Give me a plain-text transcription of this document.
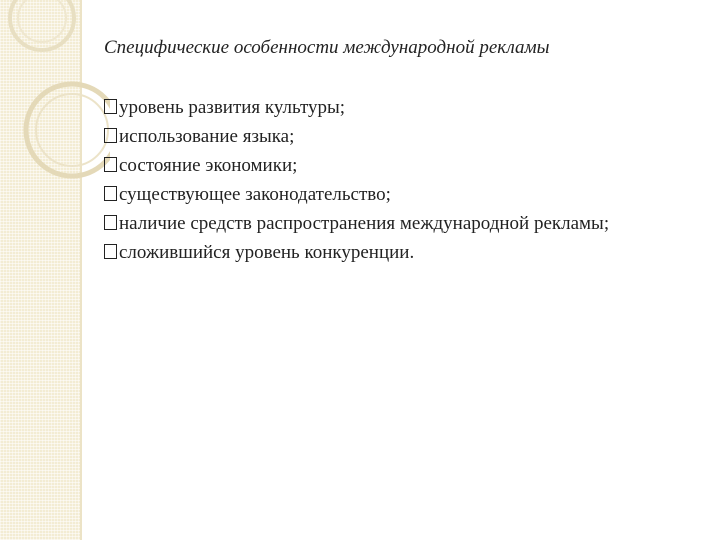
Специфические особенности международной рекламы
уровень развития культуры;
использование языка;
состояние экономики;
существующее законодательство;
наличие средств распространения международной рекламы;
сложившийся уровень конкуренции.
